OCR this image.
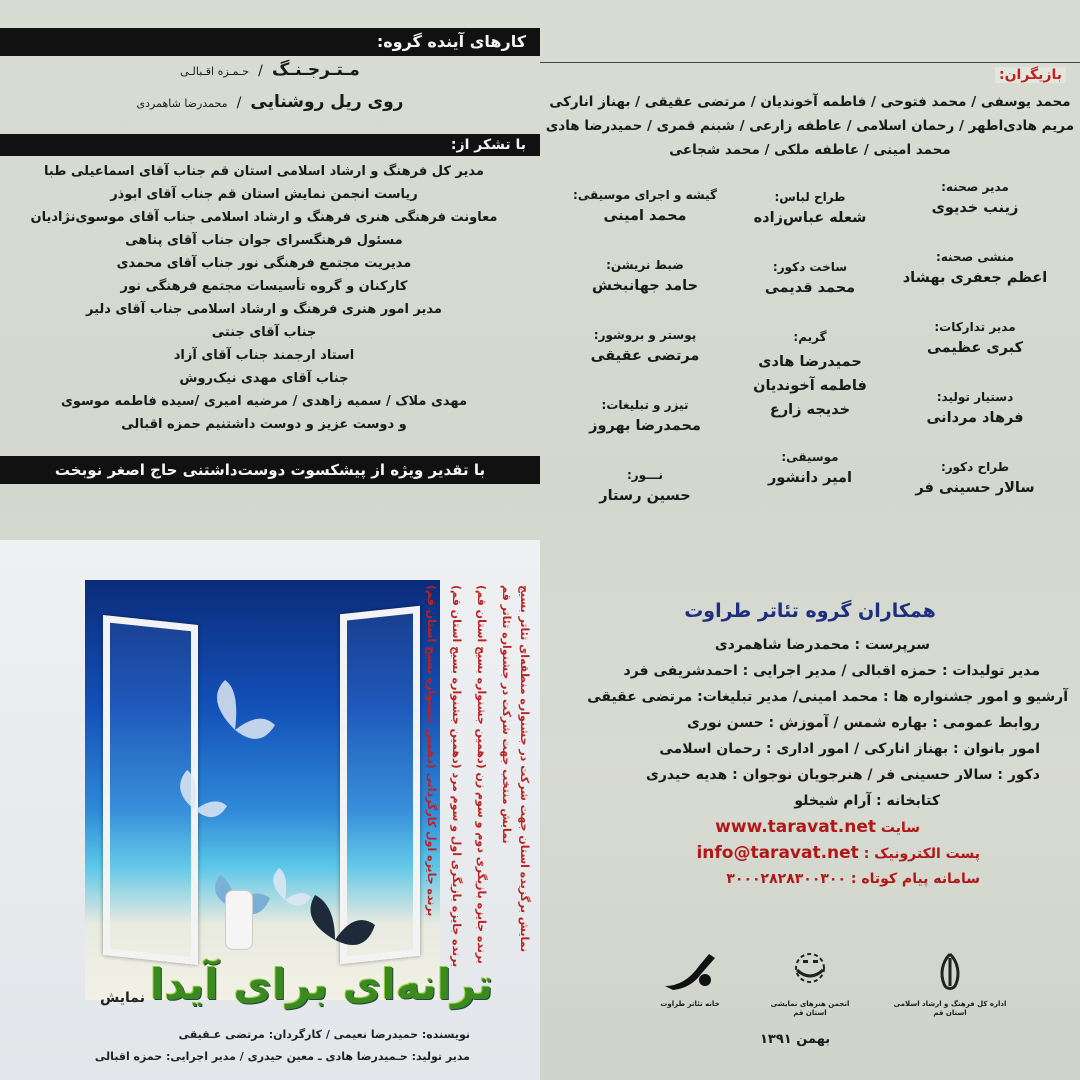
کارهای آینده گروه:
مـتـرجـنـگ / حـمـزه اقـبالـی
روی ریل روشنایی / محمدرضا شاهمردی
با تشکر از:
مدیر کل فرهنگ و ارشاد اسلامی استان قم جناب آقای اسماعیلی طبا
ریاست انجمن نمایش استان قم جناب آقای ابوذر
معاونت فرهنگی هنری فرهنگ و ارشاد اسلامی جناب آقای موسوی‌نژادیان
مسئول فرهنگسرای جوان جناب آقای پناهی
مدیریت مجتمع فرهنگی نور جناب آقای محمدی
کارکنان و گروه تأسیسات مجتمع فرهنگی نور
مدیر امور هنری فرهنگ و ارشاد اسلامی جناب آقای دلیر
جناب آقای جنتی
استاد ارجمند جناب آقای آزاد
جناب آقای مهدی نیک‌روش
مهدی ملاک / سمیه زاهدی / مرضیه امیری /سیده فاطمه موسوی
و دوست عزیز و دوست داشتنیم حمزه اقبالی
با تقدیر ویژه از پیشکسوت دوست‌داشتنی حاج اصغر نوبخت
بازیگران:
محمد یوسفی / محمد فتوحی / فاطمه آخوندیان / مرتضی عقیقی / بهناز انارکی
مریم هادی‌اطهر / رحمان اسلامی / عاطفه زارعی / شبنم قمری / حمیدرضا هادی
محمد امینی / عاطفه ملکی / محمد شجاعی
مدیر صحنه:
زینب خدیوی
منشی صحنه:
اعظم جعفری بهشاد
مدیر تدارکات:
کبری عظیمی
دستیار تولید:
فرهاد مردانی
طراح دکور:
سالار حسینی فر
طراح لباس:
شعله عباس‌زاده
ساخت دکور:
محمد قدیمی
گریم:
حمیدرضا هادی
فاطمه آخوندیان
خدیجه زارع
موسیقی:
امیر دانشور
گیشه و اجرای موسیقی:
محمد امینی
ضبط نریشن:
حامد جهانبخش
پوستر و بروشور:
مرتضی عقیقی
تیزر و تبلیغات:
محمدرضا بهروز
نـــور:
حسین رستار
همکاران گروه تئاتر طراوت
سرپرست : محمدرضا شاهمردی
مدیر تولیدات : حمزه اقبالی / مدیر اجرایی : احمدشریفی فرد
آرشیو و امور جشنواره ها : محمد امینی/ مدیر تبلیغات: مرتضی عقیقی
روابط عمومی : بهاره شمس / آموزش : حسن نوری
امور بانوان : بهناز انارکی / امور اداری : رحمان اسلامی
دکور : سالار حسینی فر / هنرجویان نوجوان : هدیه حیدری
کتابخانه : آرام شیخلو
سایت www.taravat.net
پست الکترونیک : info@taravat.net
سامانه پیام کوتاه : ۳۰۰۰۲۸۲۸۳۰۰۳۰۰
اداره کل فرهنگ و ارشاد اسلامی
استان قم
انجمن هنرهای نمایشی
استان قم
خانه تئاتر طراوت
بهمن ۱۳۹۱
برنده جایزه اول کارگردانی (دهمین جشنواره بسیج استان قم) برنده جایزه بازیگری اول و سوم مرد (دهمین جشنواره بسیج استان قم) برنده جایزه بازیگری دوم و سوم زن (دهمین جشنواره بسیج استان قم) نمایش منتخب جهت شرکت در جشنواره تئاتر قم نمایش برگزیده استان جهت شرکت در جشنواره منطقه‌ای تئاتر بسیج
ترانه‌ای برای آیدا
نمایش
نویسنده: حمیدرضا نعیمی / کارگردان: مرتضی عـقیقی
مدیر تولید: حـمیدرضا هادی ـ معین حیدری / مدیر اجرایی: حمزه اقبالی
